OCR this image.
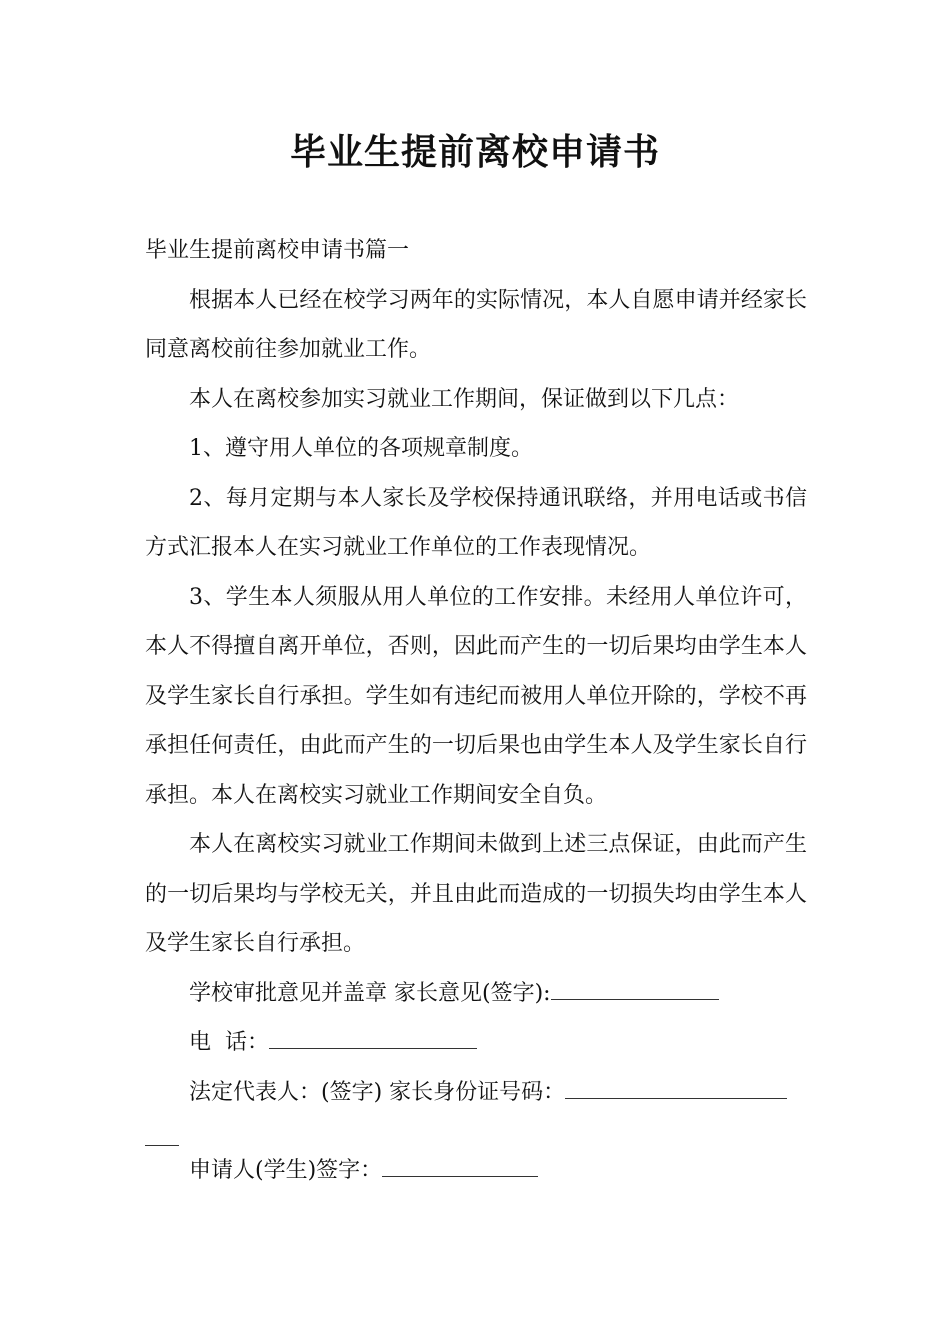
毕业生提前离校申请书

毕业生提前离校申请书篇一

根据本人已经在校学习两年的实际情况，本人自愿申请并经家长同意离校前往参加就业工作。

本人在离校参加实习就业工作期间，保证做到以下几点：

1、遵守用人单位的各项规章制度。

2、每月定期与本人家长及学校保持通讯联络，并用电话或书信方式汇报本人在实习就业工作单位的工作表现情况。

3、学生本人须服从用人单位的工作安排。未经用人单位许可，本人不得擅自离开单位，否则，因此而产生的一切后果均由学生本人及学生家长自行承担。学生如有违纪而被用人单位开除的，学校不再承担任何责任，由此而产生的一切后果也由学生本人及学生家长自行承担。本人在离校实习就业工作期间安全自负。

本人在离校实习就业工作期间未做到上述三点保证，由此而产生的一切后果均与学校无关，并且由此而造成的一切损失均由学生本人及学生家长自行承担。

学校审批意见并盖章 家长意见(签字):

电  话：

法定代表人：(签字) 家长身份证号码：

申请人(学生)签字：
